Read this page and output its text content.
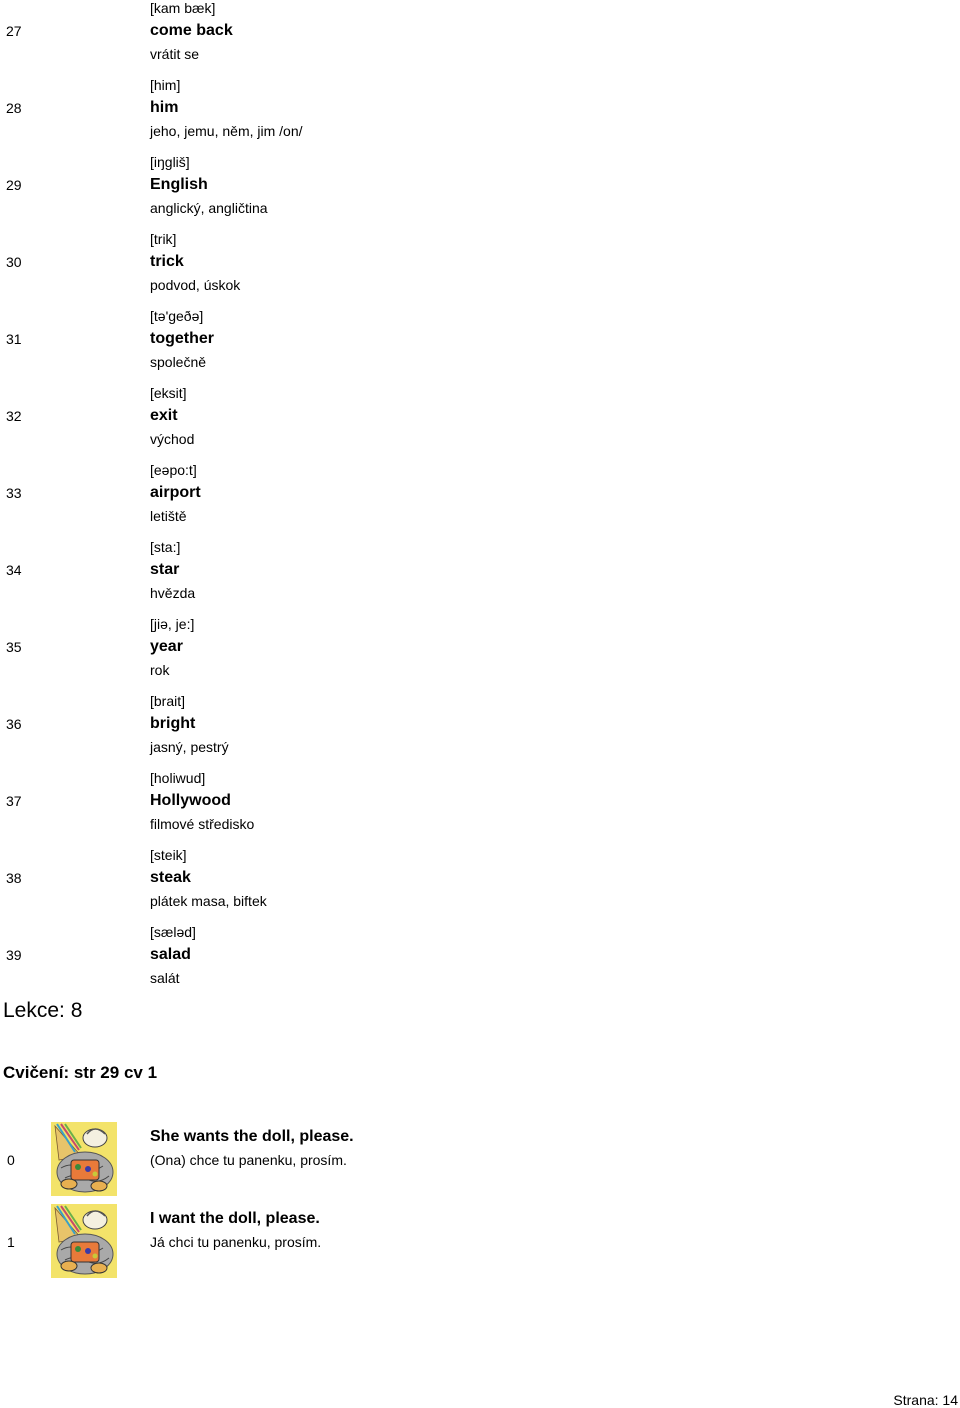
27
[kam bæk]
come back
vrátit se
28
[him]
him
jeho, jemu, něm, jim /on/
29
[iŋgliš]
English
anglický, angličtina
30
[trik]
trick
podvod, úskok
31
[tə'geðə]
together
společně
32
[eksit]
exit
východ
33
[eəpo:t]
airport
letiště
34
[sta:]
star
hvězda
35
[jiə, je:]
year
rok
36
[brait]
bright
jasný, pestrý
37
[holiwud]
Hollywood
filmové středisko
38
[steik]
steak
plátek masa, biftek
39
[sæləd]
salad
salát
Lekce: 8
Cvičení: str 29 cv 1
0
She wants the doll, please.
(Ona) chce tu panenku, prosím.
1
I want the doll, please.
Já chci tu panenku, prosím.
Strana: 14
